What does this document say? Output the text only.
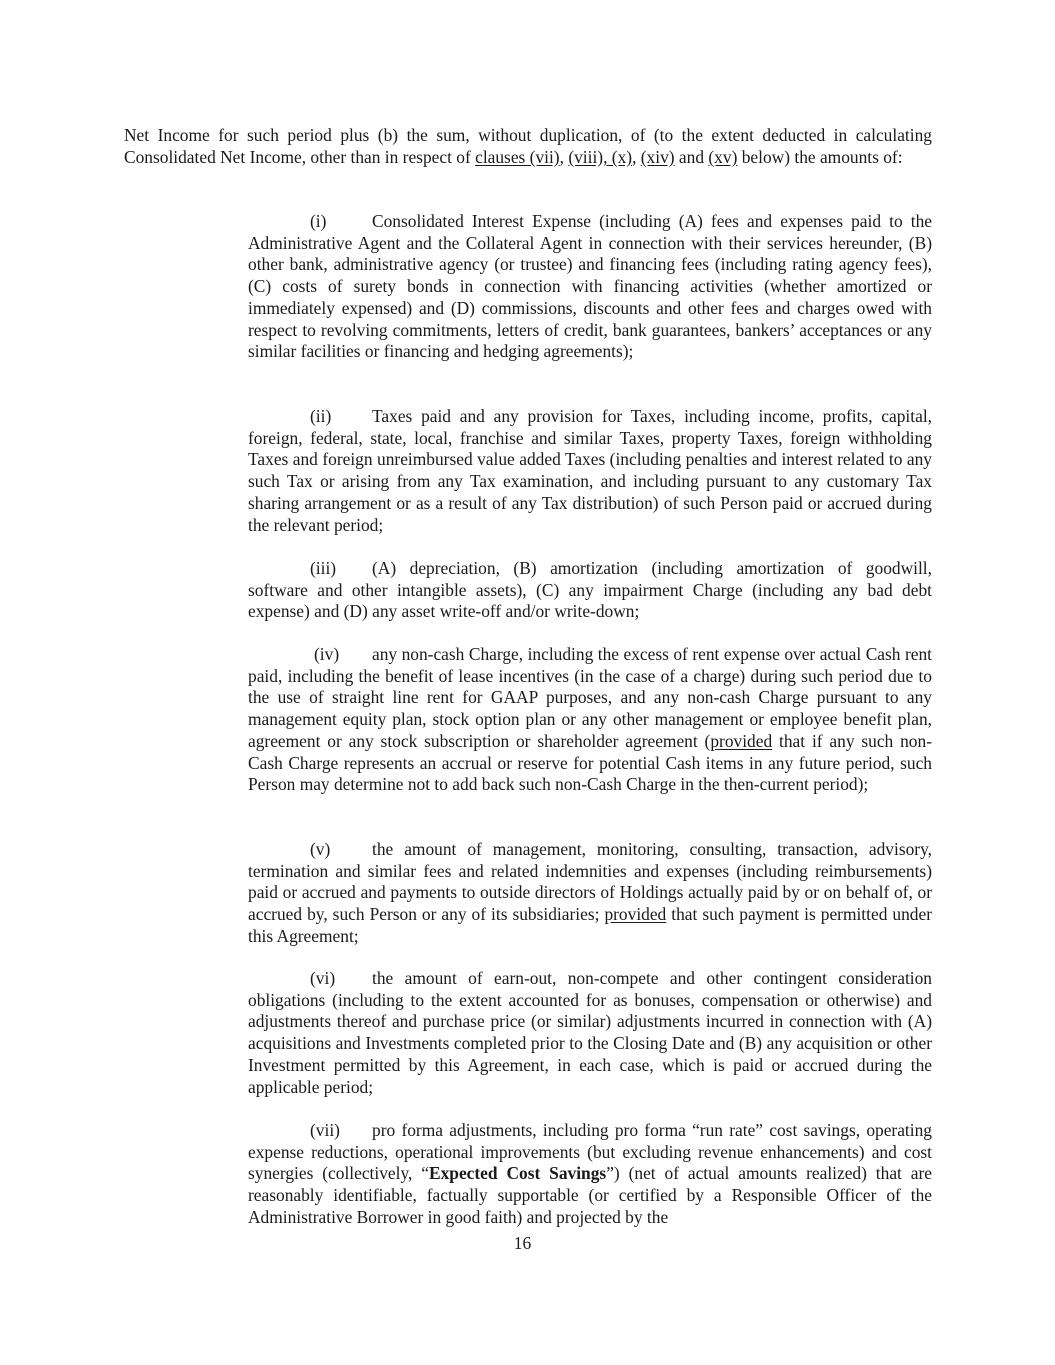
Net Income for such period plus (b) the sum, without duplication, of (to the extent deducted in calculating Consolidated Net Income, other than in respect of clauses (vii), (viii), (x), (xiv) and (xv) below) the amounts of:

(i)	Consolidated Interest Expense (including (A) fees and expenses paid to the Administrative Agent and the Collateral Agent in connection with their services hereunder, (B) other bank, administrative agency (or trustee) and financing fees (including rating agency fees), (C) costs of surety bonds in connection with financing activities (whether amortized or immediately expensed) and (D) commissions, discounts and other fees and charges owed with respect to revolving commitments, letters of credit, bank guarantees, bankers’ acceptances or any similar facilities or financing and hedging agreements);

(ii) Taxes paid and any provision for Taxes, including income, profits, capital, foreign, federal, state, local, franchise and similar Taxes, property Taxes, foreign withholding Taxes and foreign unreimbursed value added Taxes (including penalties and interest related to any such Tax or arising from any Tax examination, and including pursuant to any customary Tax sharing arrangement or as a result of any Tax distribution) of such Person paid or accrued during the relevant period;

(iii) (A) depreciation, (B) amortization (including amortization of goodwill, software and other intangible assets), (C) any impairment Charge (including any bad debt expense) and (D) any asset write-off and/or write-down;

(iv) any non-cash Charge, including the excess of rent expense over actual Cash rent paid, including the benefit of lease incentives (in the case of a charge) during such period due to the use of straight line rent for GAAP purposes, and any non-cash Charge pursuant to any management equity plan, stock option plan or any other management or employee benefit plan, agreement or any stock subscription or shareholder agreement (provided that if any such non-Cash Charge represents an accrual or reserve for potential Cash items in any future period, such Person may determine not to add back such non-Cash Charge in the then-current period);

(v) the amount of management, monitoring, consulting, transaction, advisory, termination and similar fees and related indemnities and expenses (including reimbursements) paid or accrued and payments to outside directors of Holdings actually paid by or on behalf of, or accrued by, such Person or any of its subsidiaries; provided that such payment is permitted under this Agreement;

(vi) the amount of earn-out, non-compete and other contingent consideration obligations (including to the extent accounted for as bonuses, compensation or otherwise) and adjustments thereof and purchase price (or similar) adjustments incurred in connection with (A) acquisitions and Investments completed prior to the Closing Date and (B) any acquisition or other Investment permitted by this Agreement, in each case, which is paid or accrued during the applicable period;

(vii) pro forma adjustments, including pro forma “run rate” cost savings, operating expense reductions, operational improvements (but excluding revenue enhancements) and cost synergies (collectively, “Expected Cost Savings”) (net of actual amounts realized) that are reasonably identifiable, factually supportable (or certified by a Responsible Officer of the Administrative Borrower in good faith) and projected by the

16
